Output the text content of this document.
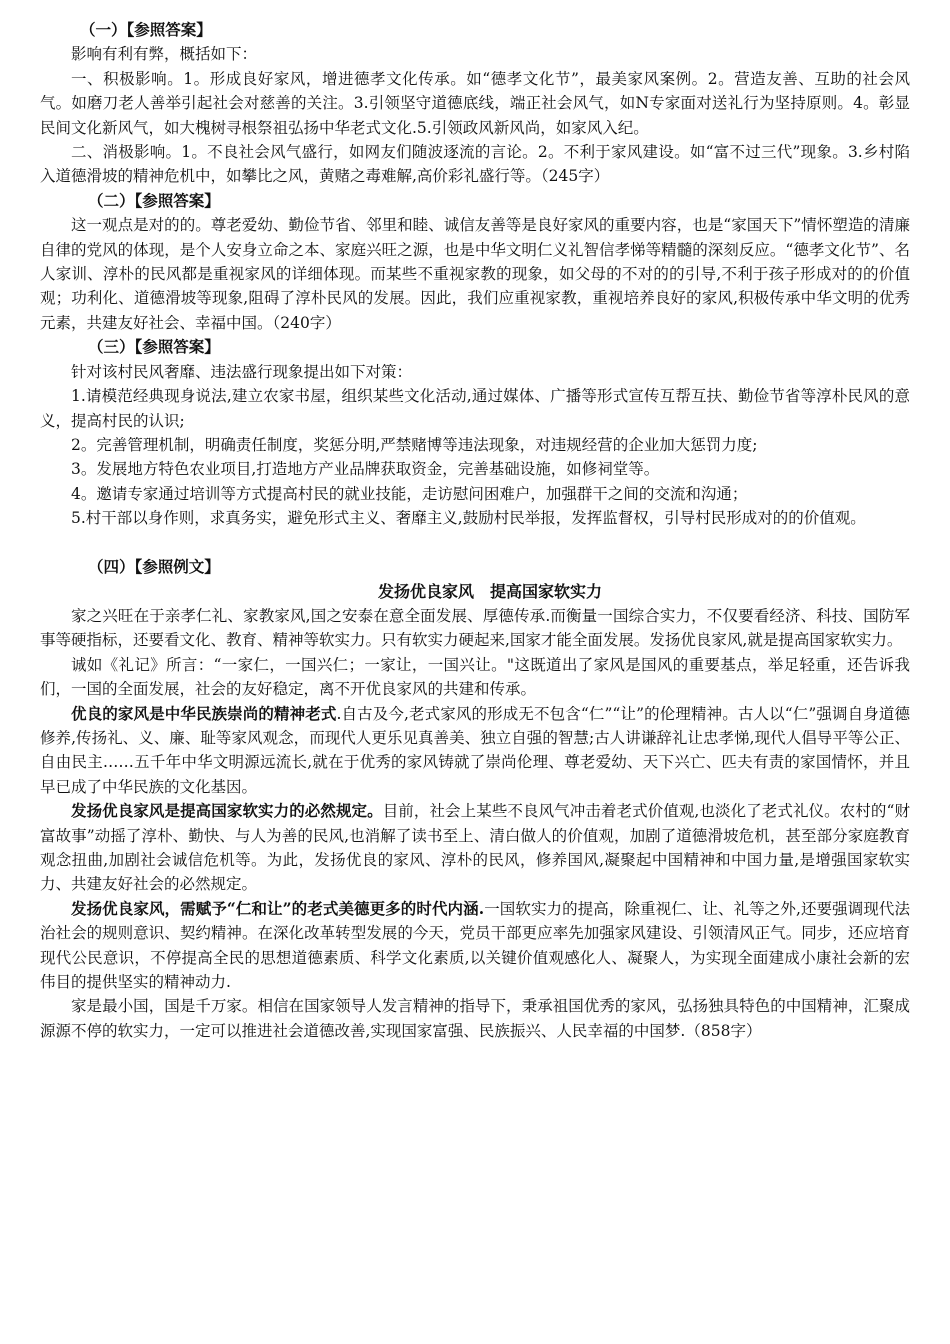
（一）【参照答案】

影响有利有弊，概括如下：

一、积极影响。1。形成良好家风，增进德孝文化传承。如“德孝文化节”，最美家风案例。2。营造友善、互助的社会风气。如磨刀老人善举引起社会对慈善的关注。3.引领坚守道德底线，端正社会风气，如N专家面对送礼行为坚持原则。4。彰显民间文化新风气，如大槐树寻根祭祖弘扬中华老式文化.5.引领政风新风尚，如家风入纪。

二、消极影响。1。不良社会风气盛行，如网友们随波逐流的言论。2。不利于家风建设。如“富不过三代”现象。3.乡村陷入道德滑坡的精神危机中，如攀比之风，黄赌之毒难解,高价彩礼盛行等。（245字）

（二）【参照答案】

这一观点是对的的。尊老爱幼、勤俭节省、邻里和睦、诚信友善等是良好家风的重要内容，也是“家国天下”情怀塑造的清廉自律的党风的体现，是个人安身立命之本、家庭兴旺之源，也是中华文明仁义礼智信孝悌等精髓的深刻反应。“德孝文化节”、名人家训、淳朴的民风都是重视家风的详细体现。而某些不重视家教的现象，如父母的不对的的引导,不利于孩子形成对的的价值观；功利化、道德滑坡等现象,阻碍了淳朴民风的发展。因此，我们应重视家教，重视培养良好的家风,积极传承中华文明的优秀元素，共建友好社会、幸福中国。（240字）

（三）【参照答案】

针对该村民风奢靡、违法盛行现象提出如下对策：

1.请模范经典现身说法,建立农家书屋，组织某些文化活动,通过媒体、广播等形式宣传互帮互扶、勤俭节省等淳朴民风的意义，提高村民的认识;

2。完善管理机制，明确责任制度，奖惩分明,严禁赌博等违法现象，对违规经营的企业加大惩罚力度;

3。发展地方特色农业项目,打造地方产业品牌获取资金，完善基础设施，如修祠堂等。

4。邀请专家通过培训等方式提高村民的就业技能，走访慰问困难户，加强群干之间的交流和沟通；

5.村干部以身作则，求真务实，避免形式主义、奢靡主义,鼓励村民举报，发挥监督权，引导村民形成对的的价值观。

（四）【参照例文】

发扬优良家风　提高国家软实力

家之兴旺在于亲孝仁礼、家教家风,国之安泰在意全面发展、厚德传承.而衡量一国综合实力，不仅要看经济、科技、国防军事等硬指标，还要看文化、教育、精神等软实力。只有软实力硬起来,国家才能全面发展。发扬优良家风,就是提高国家软实力。

诚如《礼记》所言：“一家仁，一国兴仁；一家让，一国兴让。"这既道出了家风是国风的重要基点，举足轻重，还告诉我们，一国的全面发展，社会的友好稳定，离不开优良家风的共建和传承。

优良的家风是中华民族崇尚的精神老式.自古及今,老式家风的形成无不包含“仁”“让”的伦理精神。古人以“仁”强调自身道德修养,传扬礼、义、廉、耻等家风观念，而现代人更乐见真善美、独立自强的智慧;古人讲谦辞礼让忠孝悌,现代人倡导平等公正、自由民主……五千年中华文明源远流长,就在于优秀的家风铸就了崇尚伦理、尊老爱幼、天下兴亡、匹夫有责的家国情怀，并且早已成了中华民族的文化基因。

发扬优良家风是提高国家软实力的必然规定。目前，社会上某些不良风气冲击着老式价值观,也淡化了老式礼仪。农村的“财富故事”动摇了淳朴、勤快、与人为善的民风,也消解了读书至上、清白做人的价值观，加剧了道德滑坡危机，甚至部分家庭教育观念扭曲,加剧社会诚信危机等。为此，发扬优良的家风、淳朴的民风，修养国风,凝聚起中国精神和中国力量,是增强国家软实力、共建友好社会的必然规定。

发扬优良家风，需赋予“仁和让”的老式美德更多的时代内涵.一国软实力的提高，除重视仁、让、礼等之外,还要强调现代法治社会的规则意识、契约精神。在深化改革转型发展的今天，党员干部更应率先加强家风建设、引领清风正气。同步，还应培育现代公民意识，不停提高全民的思想道德素质、科学文化素质,以关键价值观感化人、凝聚人，为实现全面建成小康社会新的宏伟目的提供坚实的精神动力.

家是最小国，国是千万家。相信在国家领导人发言精神的指导下，秉承祖国优秀的家风，弘扬独具特色的中国精神，汇聚成源源不停的软实力，一定可以推进社会道德改善,实现国家富强、民族振兴、人民幸福的中国梦.（858字）
